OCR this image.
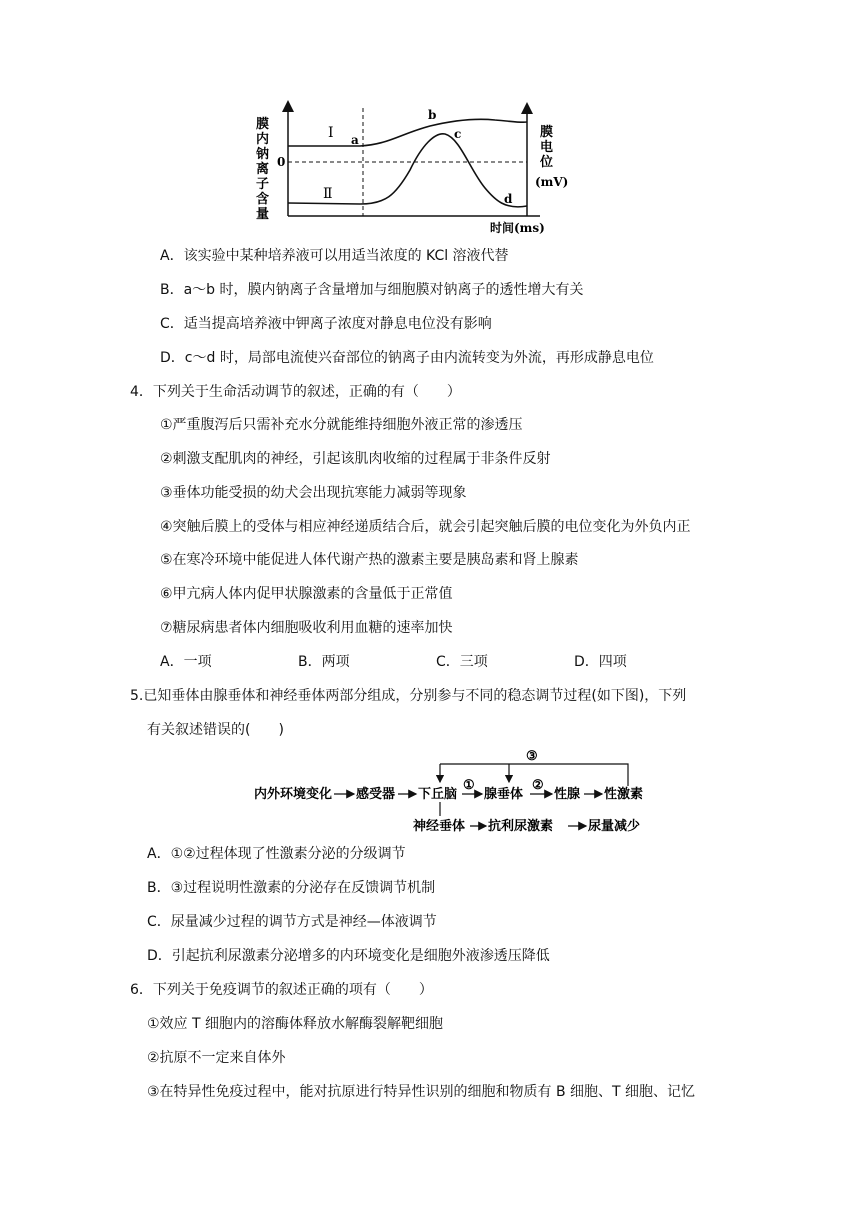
膜
内
钠
离
子
含
量
0
Ⅰ
Ⅱ
a
b
c
d
膜
电
位
(mV)
时间(ms)
A．该实验中某种培养液可以用适当浓度的 KCl 溶液代替
B．a～b 时，膜内钠离子含量增加与细胞膜对钠离子的透性增大有关
C．适当提高培养液中钾离子浓度对静息电位没有影响
D．c～d 时，局部电流使兴奋部位的钠离子由内流转变为外流，再形成静息电位
4．下列关于生命活动调节的叙述，正确的有（　　）
①严重腹泻后只需补充水分就能维持细胞外液正常的渗透压
②刺激支配肌肉的神经，引起该肌肉收缩的过程属于非条件反射
③垂体功能受损的幼犬会出现抗寒能力减弱等现象
④突触后膜上的受体与相应神经递质结合后，就会引起突触后膜的电位变化为外负内正
⑤在寒冷环境中能促进人体代谢产热的激素主要是胰岛素和肾上腺素
⑥甲亢病人体内促甲状腺激素的含量低于正常值
⑦糖尿病患者体内细胞吸收利用血糖的速率加快
A．一项	B．两项	C．三项	D．四项
5.已知垂体由腺垂体和神经垂体两部分组成，分别参与不同的稳态调节过程(如下图)，下列
有关叙述错误的(　　)
内外环境变化 感受器 下丘脑
①
腺垂体
②
性腺 性激素
③
神经垂体 抗利尿激素	尿量减少
A．①②过程体现了性激素分泌的分级调节
B．③过程说明性激素的分泌存在反馈调节机制
C．尿量减少过程的调节方式是神经—体液调节
D．引起抗利尿激素分泌增多的内环境变化是细胞外液渗透压降低
6．下列关于免疫调节的叙述正确的项有（　　）
①效应 T 细胞内的溶酶体释放水解酶裂解靶细胞
②抗原不一定来自体外
③在特异性免疫过程中，能对抗原进行特异性识别的细胞和物质有 B 细胞、T 细胞、记忆
